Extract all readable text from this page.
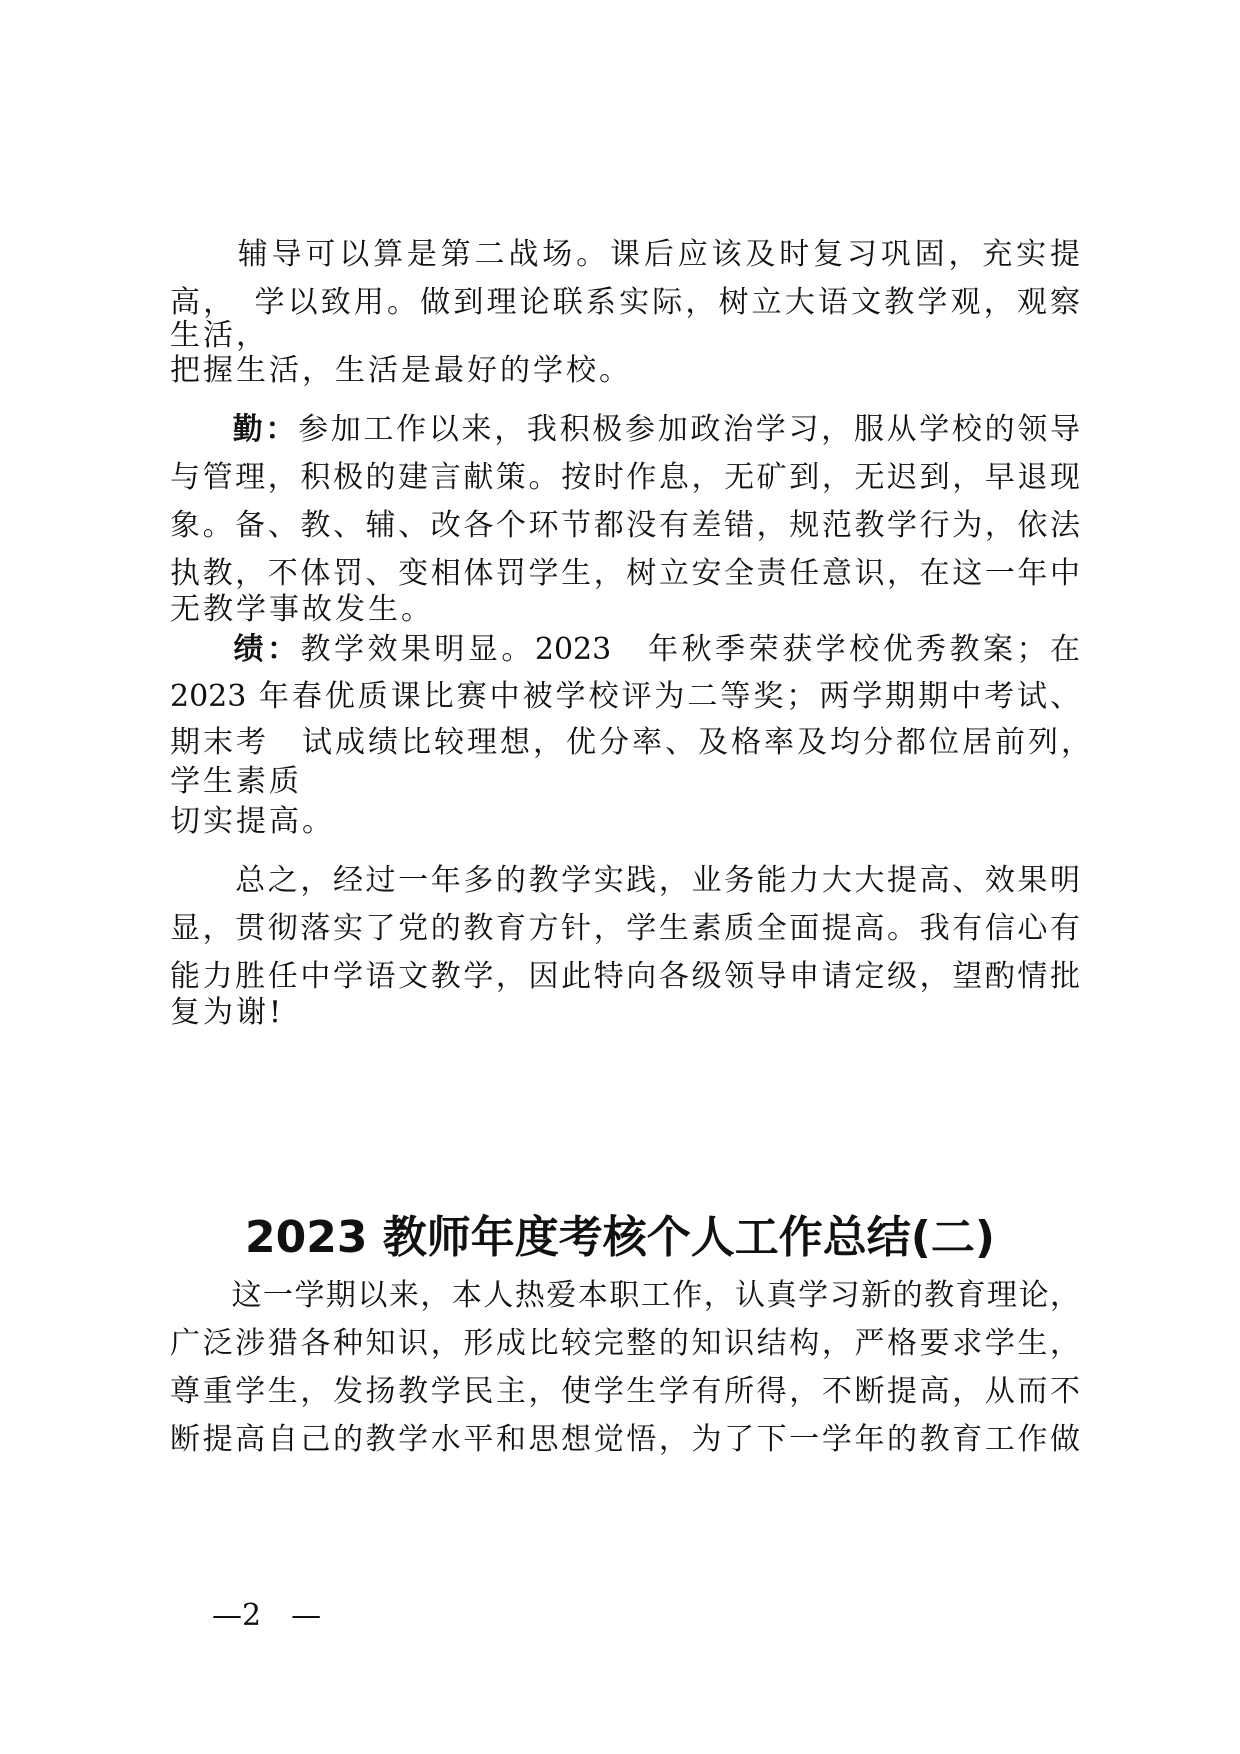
　　辅导可以算是第二战场。课后应该及时复习巩固，充实提
高，　学以致用。做到理论联系实际，树立大语文教学观，观察
生活，
把握生活，生活是最好的学校。
勤：参加工作以来，我积极参加政治学习，服从学校的领导
与管理，积极的建言献策。按时作息，无矿到，无迟到，早退现
象。备、教、辅、改各个环节都没有差错，规范教学行为，依法
执教，不体罚、变相体罚学生，树立安全责任意识，在这一年中
无教学事故发生。
绩：教学效果明显。2023　年秋季荣获学校优秀教案；在
2023 年春优质课比赛中被学校评为二等奖；两学期期中考试、
期末考　试成绩比较理想，优分率、及格率及均分都位居前列，
学生素质
切实提高。
　　总之，经过一年多的教学实践，业务能力大大提高、效果明
显，贯彻落实了党的教育方针，学生素质全面提高。我有信心有
能力胜任中学语文教学，因此特向各级领导申请定级，望酌情批
复为谢!
2023 教师年度考核个人工作总结(二)
这一学期以来，本人热爱本职工作，认真学习新的教育理论，
广泛涉猎各种知识，形成比较完整的知识结构，严格要求学生，
尊重学生，发扬教学民主，使学生学有所得，不断提高，从而不
断提高自己的教学水平和思想觉悟，为了下一学年的教育工作做
—2　—
